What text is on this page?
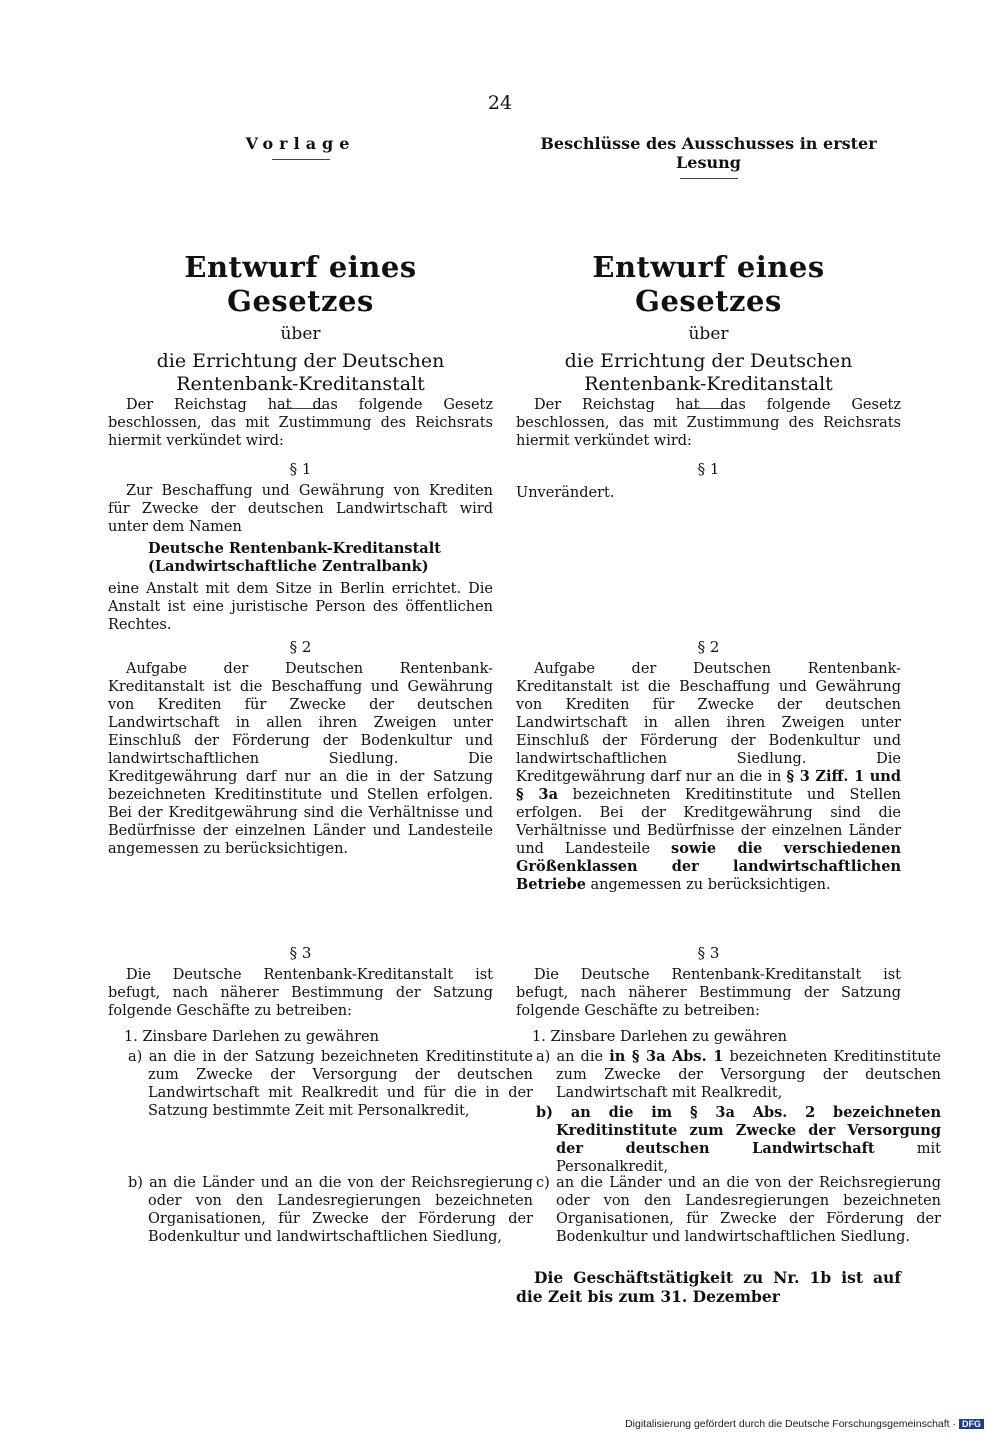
24
Vorlage
Entwurf eines Gesetzes
über
die Errichtung der Deutschen Rentenbank-Kreditanstalt
Der Reichstag hat das folgende Gesetz beschlossen, das mit Zustimmung des Reichsrats hiermit verkündet wird:
§ 1
Zur Beschaffung und Gewährung von Krediten für Zwecke der deutschen Landwirtschaft wird unter dem Namen
Deutsche Rentenbank-Kreditanstalt (Landwirtschaftliche Zentralbank)
eine Anstalt mit dem Sitze in Berlin errichtet. Die Anstalt ist eine juristische Person des öffentlichen Rechtes.
§ 2
Aufgabe der Deutschen Rentenbank-Kreditanstalt ist die Beschaffung und Gewährung von Krediten für Zwecke der deutschen Landwirtschaft in allen ihren Zweigen unter Einschluß der Förderung der Bodenkultur und landwirtschaftlichen Siedlung. Die Kreditgewährung darf nur an die in der Satzung bezeichneten Kreditinstitute und Stellen erfolgen. Bei der Kreditgewährung sind die Verhältnisse und Bedürfnisse der einzelnen Länder und Landesteile angemessen zu berücksichtigen.
§ 3
Die Deutsche Rentenbank-Kreditanstalt ist befugt, nach näherer Bestimmung der Satzung folgende Geschäfte zu betreiben:
1. Zinsbare Darlehen zu gewähren
a) an die in der Satzung bezeichneten Kreditinstitute zum Zwecke der Versorgung der deutschen Landwirtschaft mit Realkredit und für die in der Satzung bestimmte Zeit mit Personalkredit,
b) an die Länder und an die von der Reichsregierung oder von den Landesregierungen bezeichneten Organisationen, für Zwecke der Förderung der Bodenkultur und landwirtschaftlichen Siedlung,
Beschlüsse des Ausschusses in erster Lesung
Entwurf eines Gesetzes
über
die Errichtung der Deutschen Rentenbank-Kreditanstalt
Der Reichstag hat das folgende Gesetz beschlossen, das mit Zustimmung des Reichsrats hiermit verkündet wird:
§ 1
Unverändert.
§ 2
Aufgabe der Deutschen Rentenbank-Kreditanstalt ist die Beschaffung und Gewährung von Krediten für Zwecke der deutschen Landwirtschaft in allen ihren Zweigen unter Einschluß der Förderung der Bodenkultur und landwirtschaftlichen Siedlung. Die Kreditgewährung darf nur an die in § 3 Ziff. 1 und § 3a bezeichneten Kreditinstitute und Stellen erfolgen. Bei der Kreditgewährung sind die Verhältnisse und Bedürfnisse der einzelnen Länder und Landesteile sowie die verschiedenen Größenklassen der landwirtschaftlichen Betriebe angemessen zu berücksichtigen.
§ 3
Die Deutsche Rentenbank-Kreditanstalt ist befugt, nach näherer Bestimmung der Satzung folgende Geschäfte zu betreiben:
1. Zinsbare Darlehen zu gewähren
a) an die in § 3a Abs. 1 bezeichneten Kreditinstitute zum Zwecke der Versorgung der deutschen Landwirtschaft mit Realkredit,
b) an die im § 3a Abs. 2 bezeichneten Kreditinstitute zum Zwecke der Versorgung der deutschen Landwirtschaft	mit Personalkredit,
c) an die Länder und an die von der Reichsregierung oder von den Landesregierungen bezeichneten Organisationen, für Zwecke der Förderung der Bodenkultur und landwirtschaftlichen Siedlung.
Die Geschäftstätigkeit zu Nr. 1b ist auf die Zeit bis zum 31. Dezember
Digitalisierung gefördert durch die Deutsche Forschungsgemeinschaft · DFG
